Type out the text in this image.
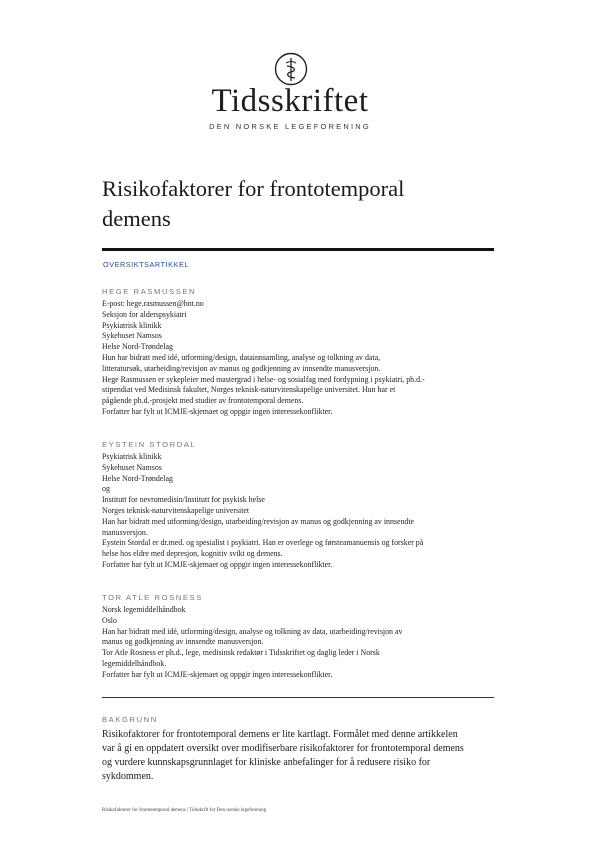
Tidsskriftet
DEN NORSKE LEGEFORENING
Risikofaktorer for frontotemporal
demens
OVERSIKTSARTIKKEL
HEGE RASMUSSEN
E-post: hege.rasmussen@hnt.no
Seksjon for alderspsykiatri
Psykiatrisk klinikk
Sykehuset Namsos
Helse Nord-Trøndelag
Hun har bidratt med idé, utforming/design, datainnsamling, analyse og tolkning av data,
litteratursøk, utarbeiding/revisjon av manus og godkjenning av innsendte manusversjon.
Hege Rasmussen er sykepleier med mastergrad i helse- og sosialfag med fordypning i psykiatri, ph.d.-
stipendiat ved Medisinsk fakultet, Norges teknisk-naturvitenskapelige universitet. Hun har et
pågående ph.d.-prosjekt med studier av frontotemporal demens.
Forfatter har fylt ut ICMJE-skjemaet og oppgir ingen interessekonflikter.
EYSTEIN STORDAL
Psykiatrisk klinikk
Sykehuset Namsos
Helse Nord-Trøndelag
og
Institutt for nevromedisin/Institutt for psykisk helse
Norges teknisk-naturvitenskapelige universitet
Han har bidratt med utforming/design, utarbeiding/revisjon av manus og godkjenning av innsendte
manusversjon.
Eystein Stordal er dr.med. og spesialist i psykiatri. Han er overlege og førsteamanuensis og forsker på
helse hos eldre med depresjon, kognitiv svikt og demens.
Forfatter har fylt ut ICMJE-skjemaet og oppgir ingen interessekonflikter.
TOR ATLE ROSNESS
Norsk legemiddelhåndbok
Oslo
Han har bidratt med idé, utforming/design, analyse og tolkning av data, utarbeiding/revisjon av
manus og godkjenning av innsendte manusversjon.
Tor Atle Rosness er ph.d., lege, medisinsk redaktør i Tidsskriftet og daglig leder i Norsk
legemiddelhåndbok.
Forfatter har fylt ut ICMJE-skjemaet og oppgir ingen interessekonflikter.
BAKGRUNN
Risikofaktorer for frontotemporal demens er lite kartlagt. Formålet med denne artikkelen
var å gi en oppdatert oversikt over modifiserbare risikofaktorer for frontotemporal demens
og vurdere kunnskapsgrunnlaget for kliniske anbefalinger for å redusere risiko for
sykdommen.
Risikofaktorer for frontotemporal demens | Tidsskrift for Den norske legeforening
